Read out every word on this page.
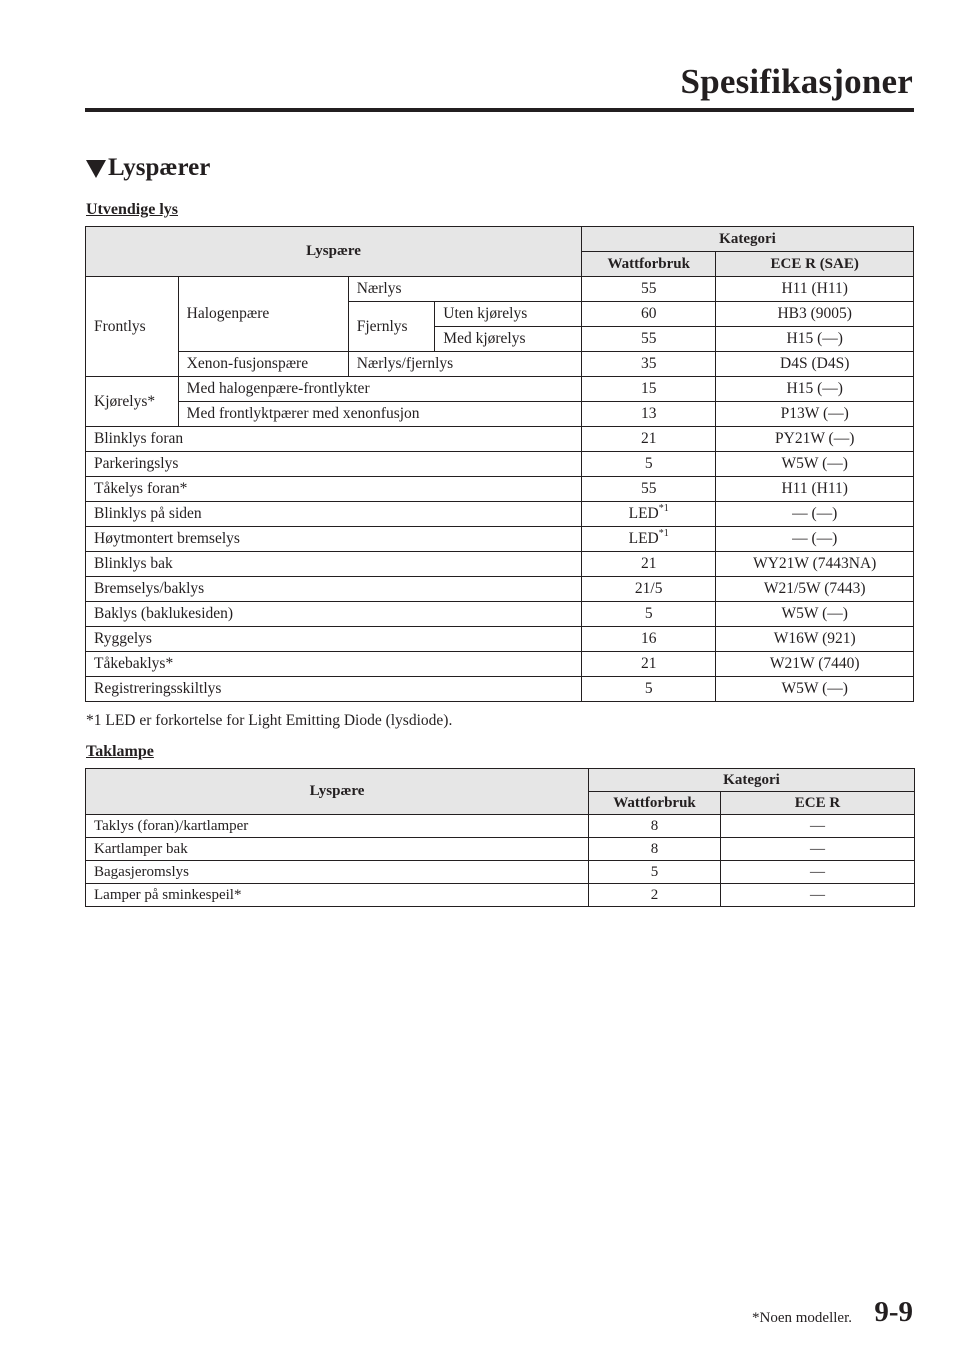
Spesifikasjoner
Lyspærer

Utvendige lys

Lyspære				Kategori	
				Wattforbruk	ECE R (SAE)
Frontlys	Halogenpære	Nærlys		55	H11 (H11)
		Fjernlys	Uten kjørelys	60	HB3 (9005)
			Med kjørelys	55	H15 (—)
	Xenon-fusjonspære	Nærlys/fjernlys		35	D4S (D4S)
Kjørelys*	Med halogenpære-frontlykter			15	H15 (—)
	Med frontlyktpærer med xenonfusjon			13	P13W (—)
Blinklys foran				21	PY21W (—)
Parkeringslys				5	W5W (—)
Tåkelys foran*				55	H11 (H11)
Blinklys på siden				LED$^{*1}$	— (—)
Høytmontert bremselys				LED$^{*1}$	— (—)
Blinklys bak				21	WY21W (7443NA)
Bremselys/baklys				21/5	W21/5W (7443)
Baklys (baklukesiden)				5	W5W (—)
Ryggelys				16	W16W (921)
Tåkebaklys*				21	W21W (7440)
Registreringsskiltlys				5	W5W (—)

*1 LED er forkortelse for Light Emitting Diode (lysdiode).

Taklampe

Lyspære	Kategori	
	Wattforbruk	ECE R
Taklys (foran)/kartlamper	8	—
Kartlamper bak	8	—
Bagasjeromslys	5	—
Lamper på sminkespeil*	2	—

*Noen modeller. 9-9
